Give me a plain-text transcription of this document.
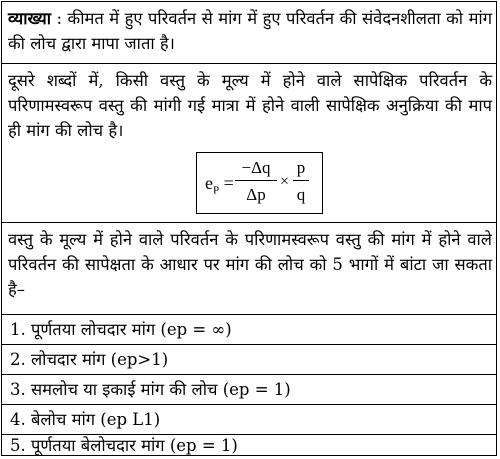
व्याख्या : कीमत में हुए परिवर्तन से मांग में हुए परिवर्तन की संवेदनशीलता को मांग की लोच द्वारा मापा जाता है।

दूसरे शब्दों में, किसी वस्तु के मूल्य में होने वाले सापेक्षिक परिवर्तन के परिणामस्वरूप वस्तु की मांगी गई मात्रा में होने वाली सापेक्षिक अनुक्रिया की माप ही मांग की लोच है।

$e_P = \frac{-\Delta q}{\Delta p} \times \frac{p}{q}$

वस्तु के मूल्य में होने वाले परिवर्तन के परिणामस्वरूप वस्तु की मांग में होने वाले परिवर्तन की सापेक्षता के आधार पर मांग की लोच को 5 भागों में बांटा जा सकता है–

1. पूर्णतया लोचदार मांग (ep = ∞)

2. लोचदार मांग (ep>1)

3. समलोच या इकाई मांग की लोच (ep = 1)

4. बेलोच मांग (ep L1)

5. पूर्णतया बेलोचदार मांग (ep = 1)
